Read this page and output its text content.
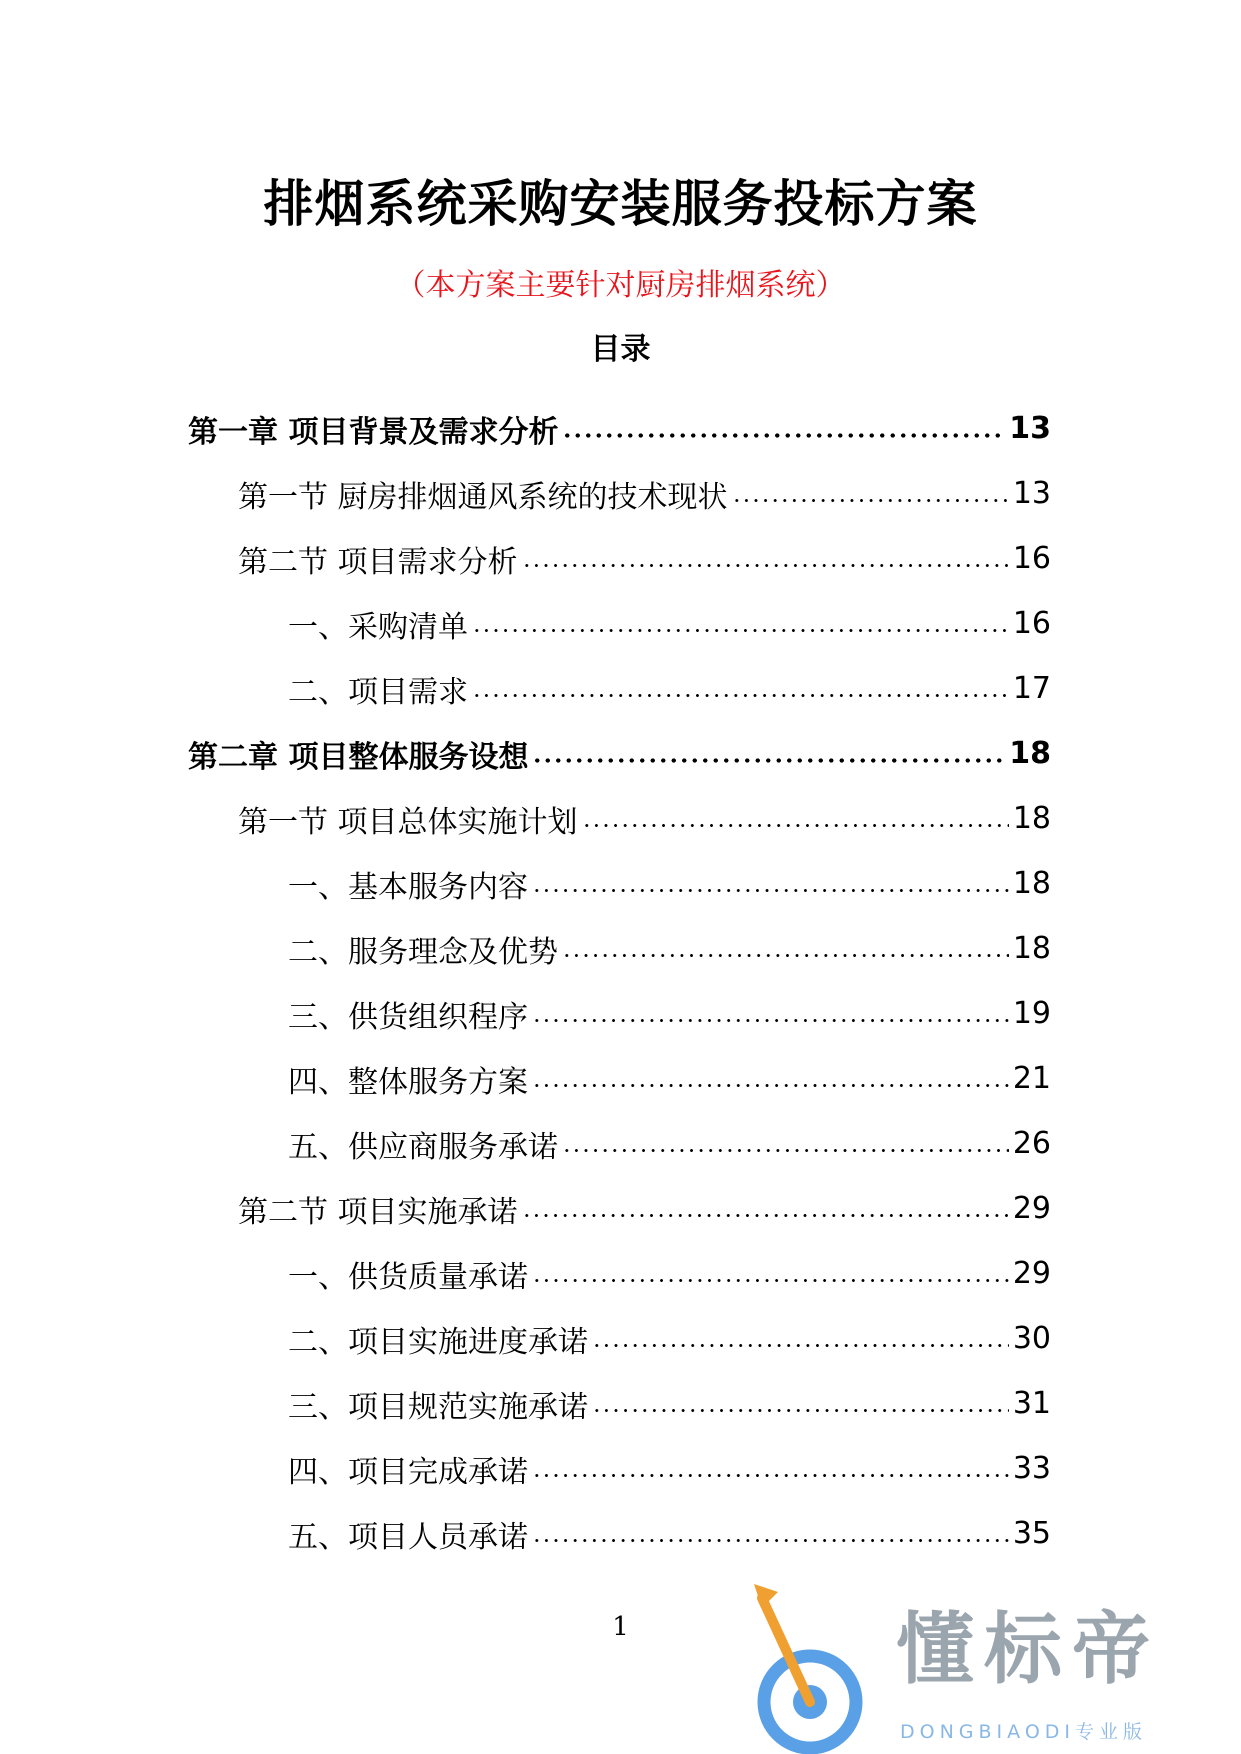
排烟系统采购安装服务投标方案
（本方案主要针对厨房排烟系统）
目录
第一章 项目背景及需求分析	13
第一节 厨房排烟通风系统的技术现状	13
第二节 项目需求分析	16
一、采购清单	16
二、项目需求	17
第二章 项目整体服务设想	18
第一节 项目总体实施计划	18
一、基本服务内容	18
二、服务理念及优势	18
三、供货组织程序	19
四、整体服务方案	21
五、供应商服务承诺	26
第二节 项目实施承诺	29
一、供货质量承诺	29
二、项目实施进度承诺	30
三、项目规范实施承诺	31
四、项目完成承诺	33
五、项目人员承诺	35
1	懂标帝
DONGBIAODI专业版
